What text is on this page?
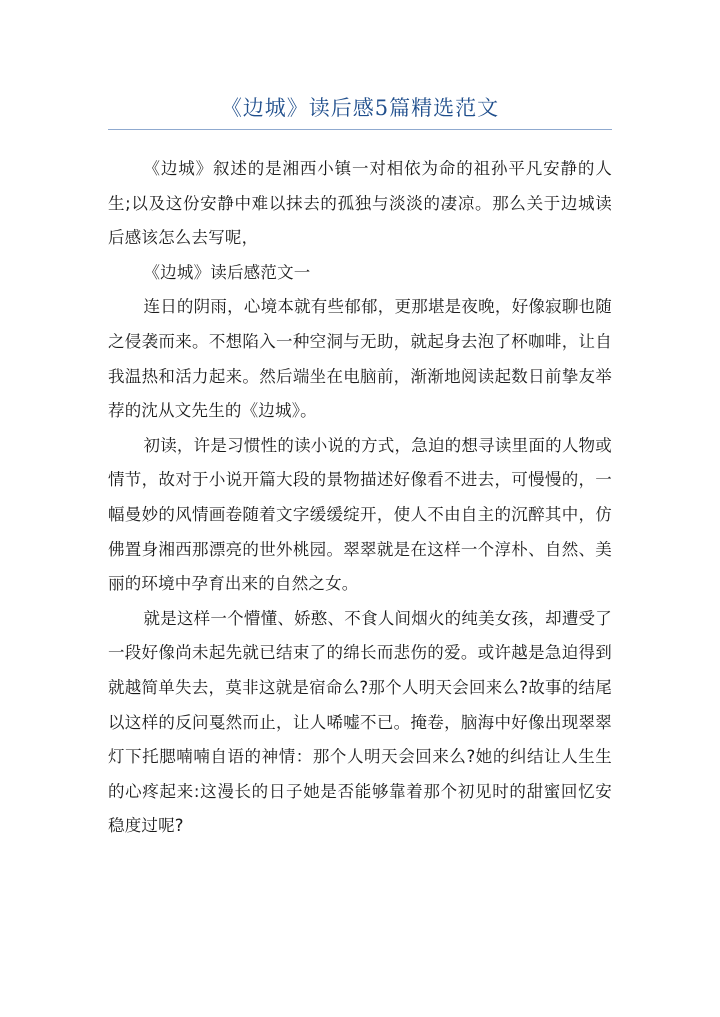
《边城》读后感5篇精选范文

《边城》叙述的是湘西小镇一对相依为命的祖孙平凡安静的人生;以及这份安静中难以抹去的孤独与淡淡的凄凉。那么关于边城读后感该怎么去写呢，

《边城》读后感范文一

连日的阴雨，心境本就有些郁郁，更那堪是夜晚，好像寂聊也随之侵袭而来。不想陷入一种空洞与无助，就起身去泡了杯咖啡，让自我温热和活力起来。然后端坐在电脑前，渐渐地阅读起数日前挚友举荐的沈从文先生的《边城》。

初读，许是习惯性的读小说的方式，急迫的想寻读里面的人物或情节，故对于小说开篇大段的景物描述好像看不进去，可慢慢的，一幅曼妙的风情画卷随着文字缓缓绽开，使人不由自主的沉醉其中，仿佛置身湘西那漂亮的世外桃园。翠翠就是在这样一个淳朴、自然、美丽的环境中孕育出来的自然之女。

就是这样一个懵懂、娇憨、不食人间烟火的纯美女孩，却遭受了一段好像尚未起先就已结束了的绵长而悲伤的爱。或许越是急迫得到就越简单失去，莫非这就是宿命么?那个人明天会回来么?故事的结尾以这样的反问戛然而止，让人唏嘘不已。掩卷，脑海中好像出现翠翠灯下托腮喃喃自语的神情：那个人明天会回来么?她的纠结让人生生的心疼起来:这漫长的日子她是否能够靠着那个初见时的甜蜜回忆安稳度过呢?
